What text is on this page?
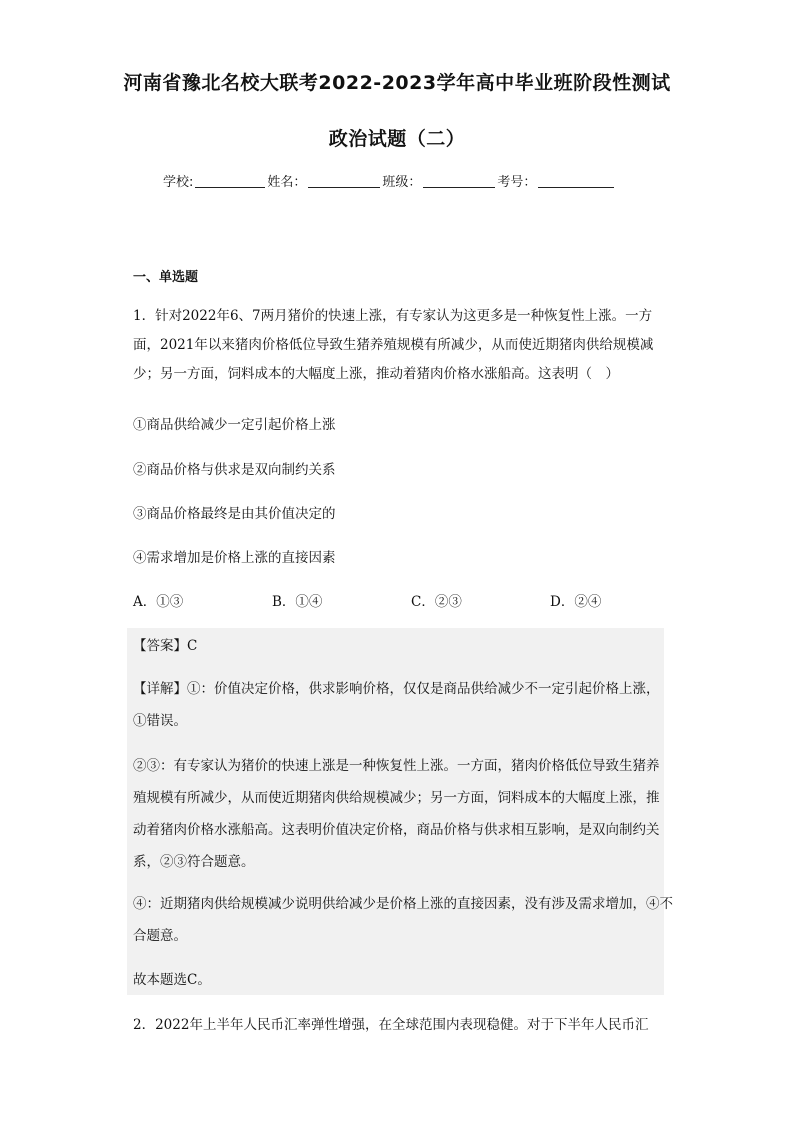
河南省豫北名校大联考2022-2023学年高中毕业班阶段性测试
政治试题（二）
学校:	姓名：	班级：	考号：
一、单选题
1．针对2022年6、7两月猪价的快速上涨，有专家认为这更多是一种恢复性上涨。一方面，2021年以来猪肉价格低位导致生猪养殖规模有所减少，从而使近期猪肉供给规模减少；另一方面，饲料成本的大幅度上涨，推动着猪肉价格水涨船高。这表明（　）
①商品供给减少一定引起价格上涨
②商品价格与供求是双向制约关系
③商品价格最终是由其价值决定的
④需求增加是价格上涨的直接因素
A．①③	B．①④	C．②③	D．②④
【答案】C
【详解】①：价值决定价格，供求影响价格，仅仅是商品供给减少不一定引起价格上涨，①错误。
②③：有专家认为猪价的快速上涨是一种恢复性上涨。一方面，猪肉价格低位导致生猪养殖规模有所减少，从而使近期猪肉供给规模减少；另一方面，饲料成本的大幅度上涨，推动着猪肉价格水涨船高。这表明价值决定价格，商品价格与供求相互影响，是双向制约关系，②③符合题意。
④：近期猪肉供给规模减少说明供给减少是价格上涨的直接因素，没有涉及需求增加，④不合题意。
故本题选C。
2．2022年上半年人民币汇率弹性增强，在全球范围内表现稳健。对于下半年人民币汇
